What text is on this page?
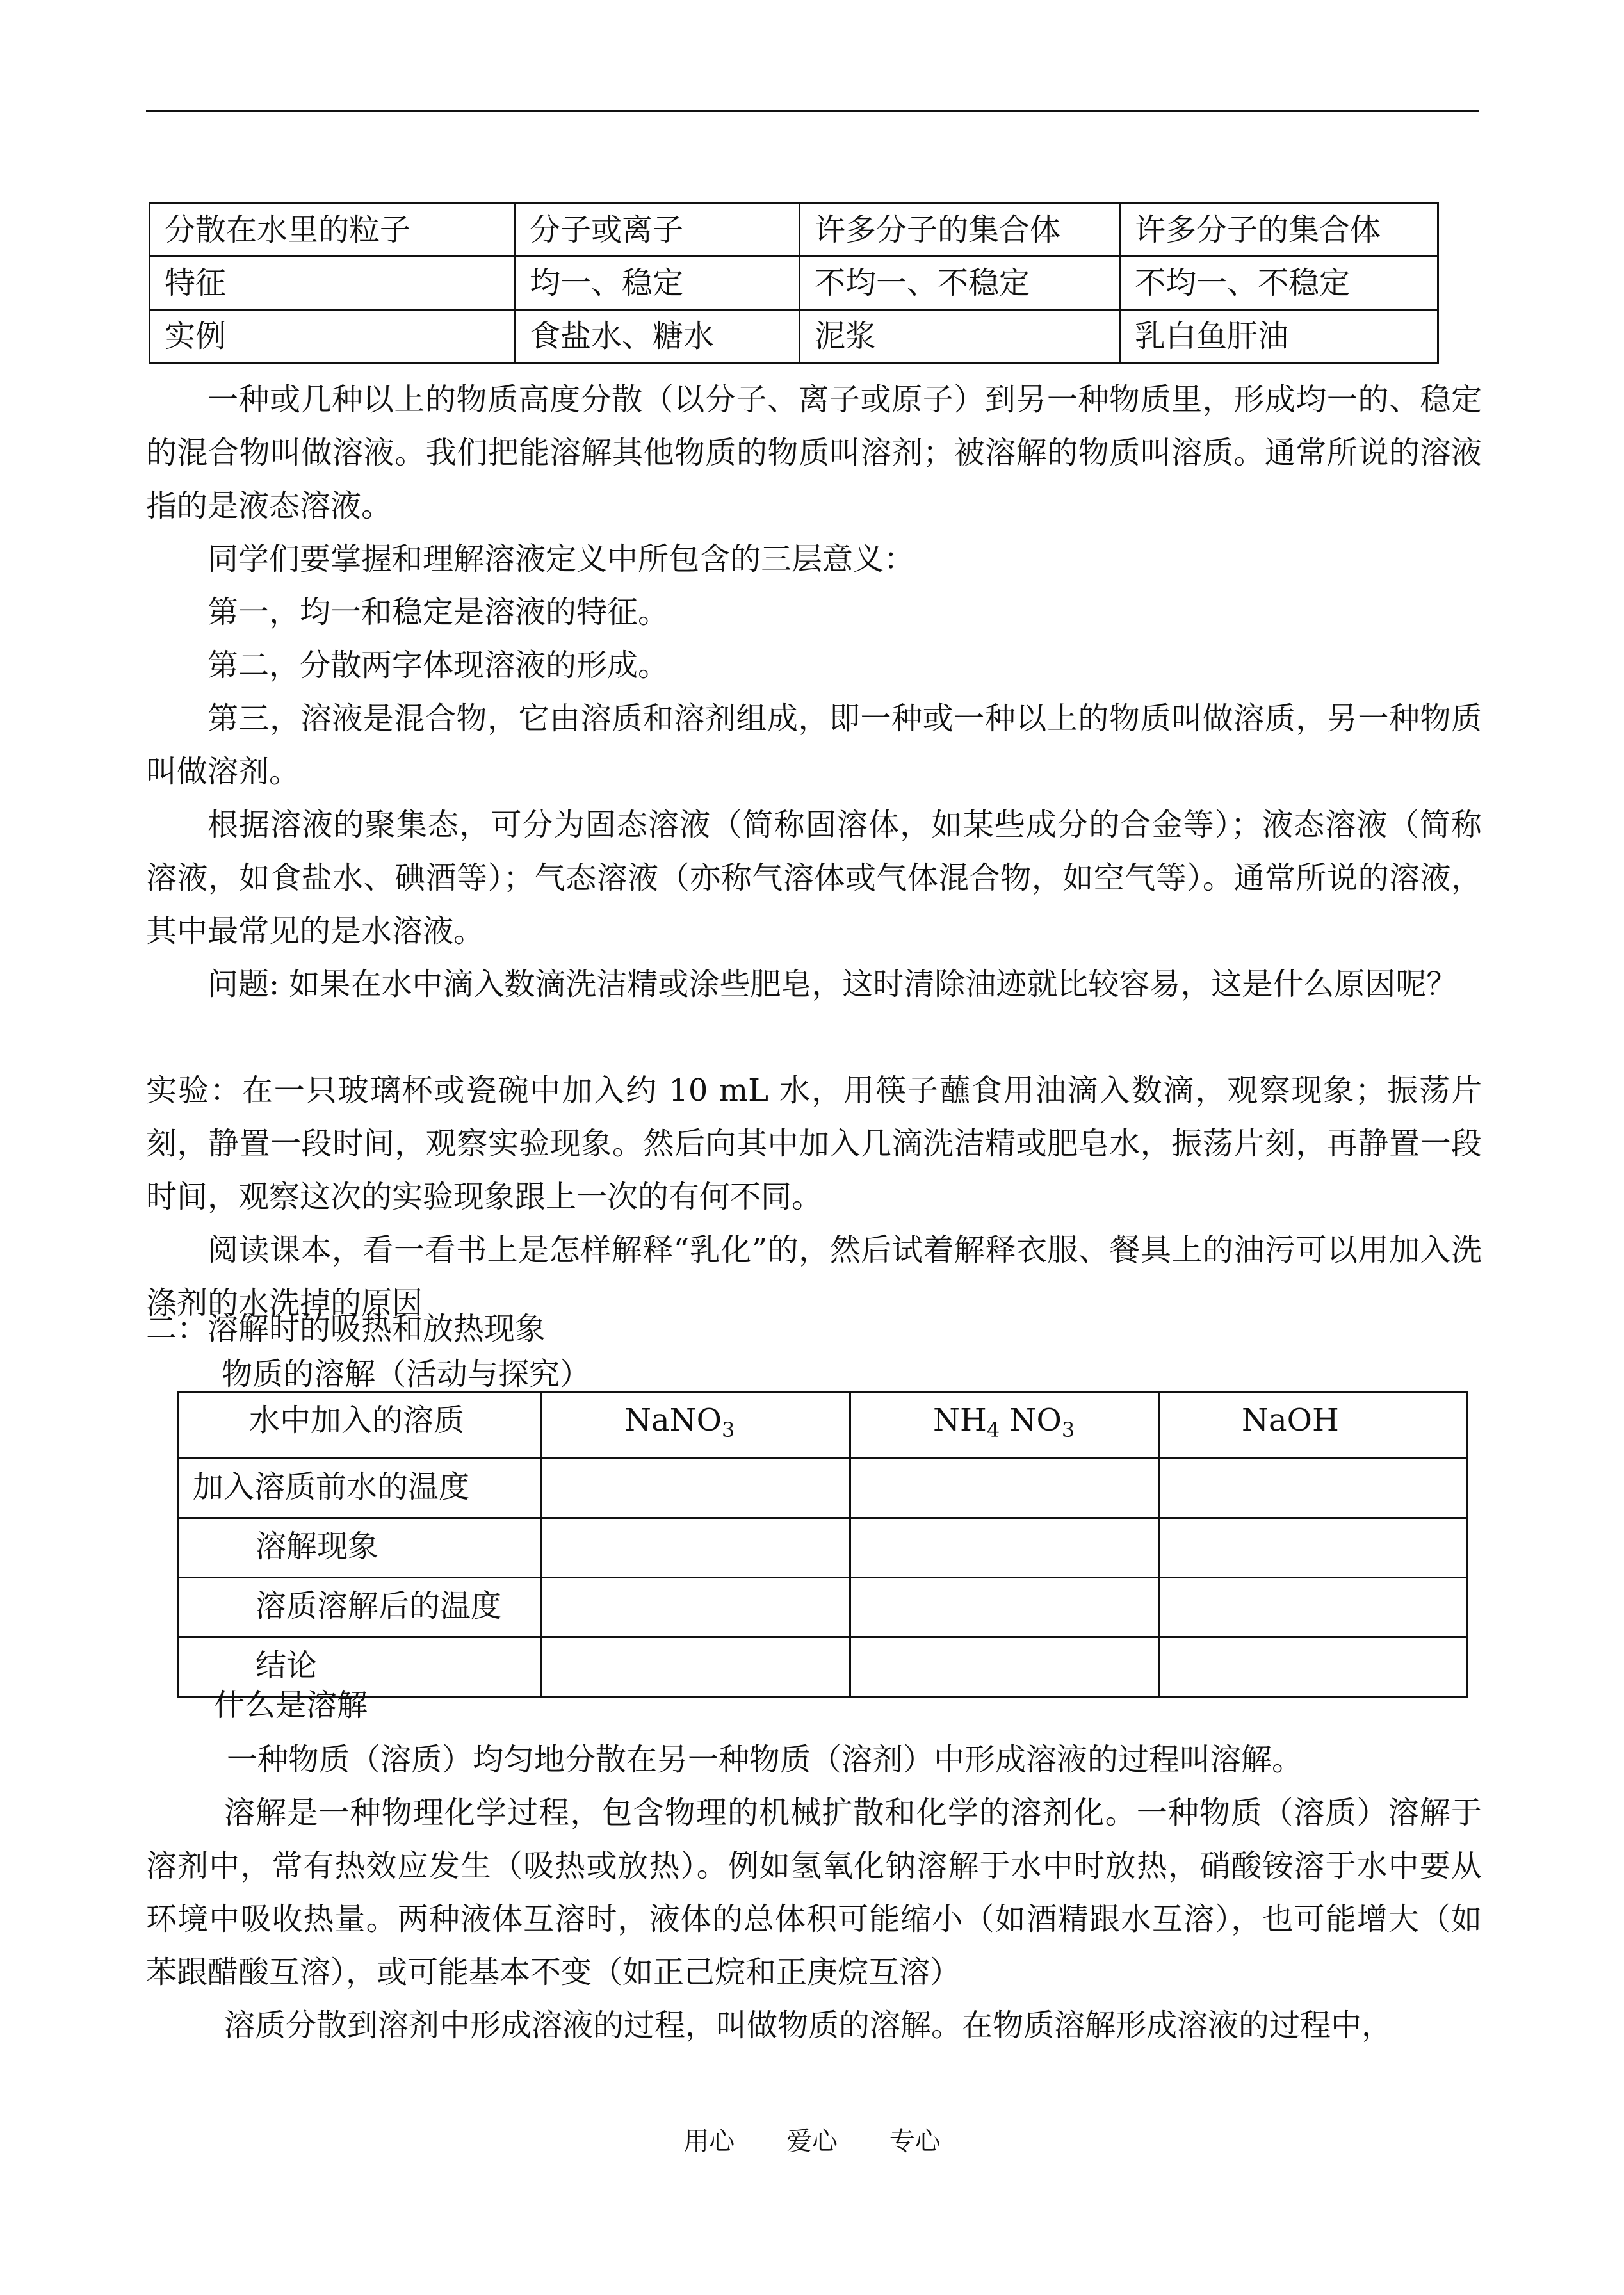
分散在水里的粒子	分子或离子	许多分子的集合体	许多分子的集合体
特征	均一、稳定	不均一、不稳定	不均一、不稳定
实例	食盐水、糖水	泥浆	乳白鱼肝油

一种或几种以上的物质高度分散（以分子、离子或原子）到另一种物质里，形成均一的、稳定的混合物叫做溶液。我们把能溶解其他物质的物质叫溶剂；被溶解的物质叫溶质。通常所说的溶液指的是液态溶液。

同学们要掌握和理解溶液定义中所包含的三层意义：

第一，均一和稳定是溶液的特征。

第二，分散两字体现溶液的形成。

第三，溶液是混合物，它由溶质和溶剂组成，即一种或一种以上的物质叫做溶质，另一种物质叫做溶剂。

根据溶液的聚集态，可分为固态溶液（简称固溶体，如某些成分的合金等）；液态溶液（简称溶液，如食盐水、碘酒等）；气态溶液（亦称气溶体或气体混合物，如空气等）。通常所说的溶液，其中最常见的是水溶液。

问题: 如果在水中滴入数滴洗洁精或涂些肥皂，这时清除油迹就比较容易，这是什么原因呢？

实验：在一只玻璃杯或瓷碗中加入约 10 mL 水，用筷子蘸食用油滴入数滴，观察现象；振荡片刻，静置一段时间，观察实验现象。然后向其中加入几滴洗洁精或肥皂水，振荡片刻，再静置一段时间，观察这次的实验现象跟上一次的有何不同。

阅读课本，看一看书上是怎样解释“乳化”的，然后试着解释衣服、餐具上的油污可以用加入洗涤剂的水洗掉的原因

二：溶解时的吸热和放热现象

物质的溶解（活动与探究）

水中加入的溶质	NaNO$_3$	$NH_4$ $NO_3$	NaOH
加入溶质前水的温度			
溶解现象			
溶质溶解后的温度			
结论			

什么是溶解

一种物质（溶质）均匀地分散在另一种物质（溶剂）中形成溶液的过程叫溶解。

溶解是一种物理化学过程，包含物理的机械扩散和化学的溶剂化。一种物质（溶质）溶解于溶剂中，常有热效应发生（吸热或放热）。例如氢氧化钠溶解于水中时放热，硝酸铵溶于水中要从环境中吸收热量。两种液体互溶时，液体的总体积可能缩小（如酒精跟水互溶），也可能增大（如苯跟醋酸互溶），或可能基本不变（如正己烷和正庚烷互溶）

溶质分散到溶剂中形成溶液的过程，叫做物质的溶解。在物质溶解形成溶液的过程中，

用心 爱心 专心
